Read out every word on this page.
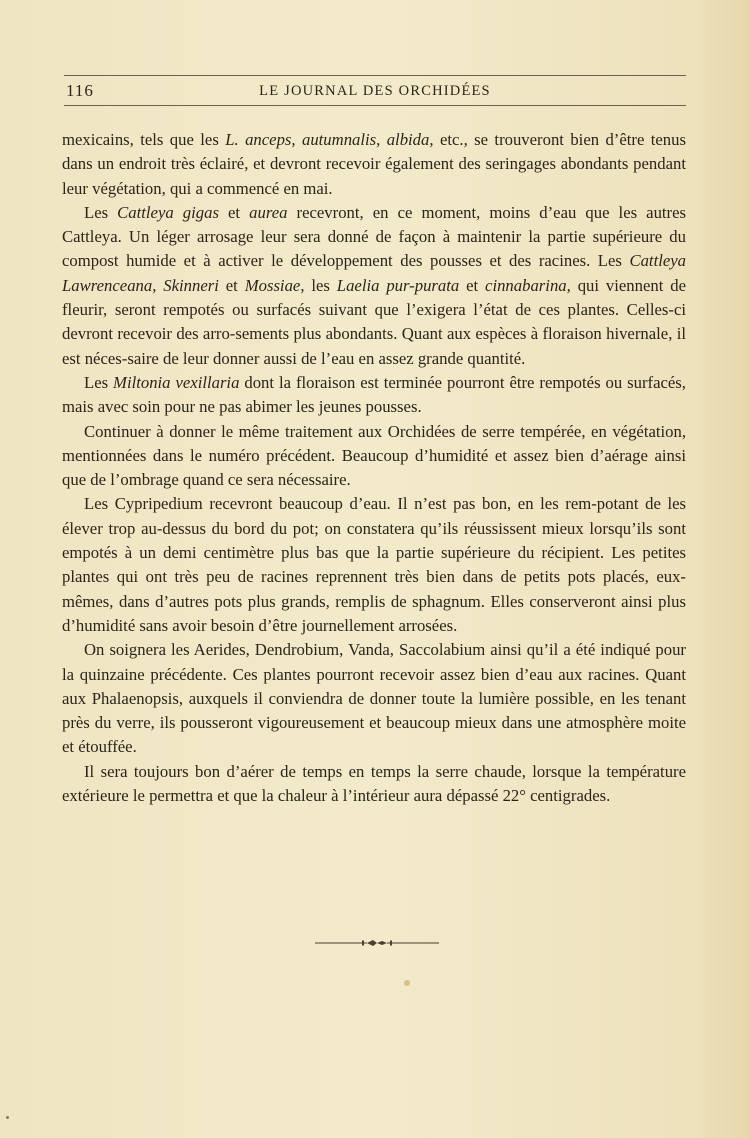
116	LE JOURNAL DES ORCHIDÉES

mexicains, tels que les L. anceps, autumnalis, albida, etc., se trouveront bien d’être tenus dans un endroit très éclairé, et devront recevoir également des seringages abondants pendant leur végétation, qui a commencé en mai.

Les Cattleya gigas et aurea recevront, en ce moment, moins d’eau que les autres Cattleya. Un léger arrosage leur sera donné de façon à maintenir la partie supérieure du compost humide et à activer le développement des pousses et des racines. Les Cattleya Lawrenceana, Skinneri et Mossiae, les Laelia pur-purata et cinnabarina, qui viennent de fleurir, seront rempotés ou surfacés suivant que l’exigera l’état de ces plantes. Celles-ci devront recevoir des arro-sements plus abondants. Quant aux espèces à floraison hivernale, il est néces-saire de leur donner aussi de l’eau en assez grande quantité.

Les Miltonia vexillaria dont la floraison est terminée pourront être rempotés ou surfacés, mais avec soin pour ne pas abimer les jeunes pousses.

Continuer à donner le même traitement aux Orchidées de serre tempérée, en végétation, mentionnées dans le numéro précédent. Beaucoup d’humidité et assez bien d’aérage ainsi que de l’ombrage quand ce sera nécessaire.

Les Cypripedium recevront beaucoup d’eau. Il n’est pas bon, en les rem-potant de les élever trop au-dessus du bord du pot; on constatera qu’ils réussissent mieux lorsqu’ils sont empotés à un demi centimètre plus bas que la partie supérieure du récipient. Les petites plantes qui ont très peu de racines reprennent très bien dans de petits pots placés, eux-mêmes, dans d’autres pots plus grands, remplis de sphagnum. Elles conserveront ainsi plus d’humidité sans avoir besoin d’être journellement arrosées.

On soignera les Aerides, Dendrobium, Vanda, Saccolabium ainsi qu’il a été indiqué pour la quinzaine précédente. Ces plantes pourront recevoir assez bien d’eau aux racines. Quant aux Phalaenopsis, auxquels il conviendra de donner toute la lumière possible, en les tenant près du verre, ils pousseront vigoureusement et beaucoup mieux dans une atmosphère moite et étouffée.

Il sera toujours bon d’aérer de temps en temps la serre chaude, lorsque la température extérieure le permettra et que la chaleur à l’intérieur aura dépassé 22° centigrades.
